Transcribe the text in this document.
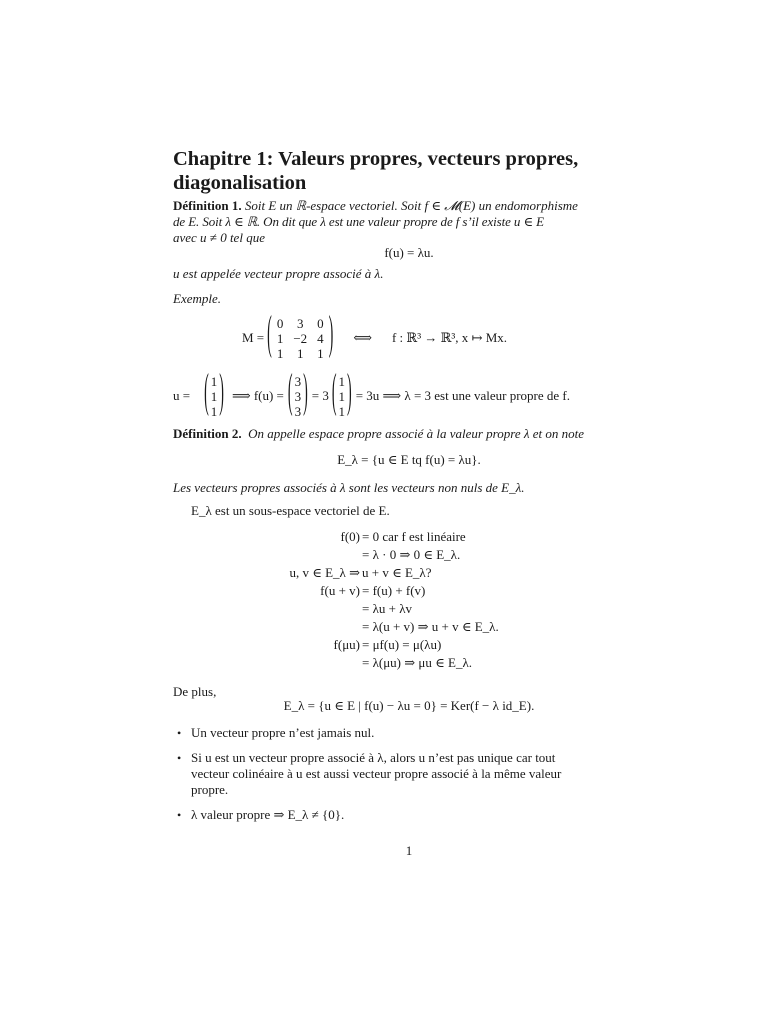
Chapitre 1: Valeurs propres, vecteurs propres,
diagonalisation
Définition 1. Soit E un ℝ-espace vectoriel. Soit f ∈ 𝓜(E) un endomorphisme
de E. Soit λ ∈ ℝ. On dit que λ est une valeur propre de f s’il existe u ∈ E
avec u ≠ 0 tel que
f(u) = λu.
u est appelée vecteur propre associé à λ.
Exemple.
M = ( 0	3	0
1	−2	4
1	1	1 ) ⟺ f : ℝ³ → ℝ³, x ↦ Mx.
u = ( 1
1
1 ) ⟹ f(u) = ( 3
3
3 ) = 3 ( 1
1
1 ) = 3u ⟹ λ = 3 est une valeur propre de f.
Définition 2. On appelle espace propre associé à la valeur propre λ et on note
E_λ = {u ∈ E tq f(u) = λu}.
Les vecteurs propres associés à λ sont les vecteurs non nuls de E_λ.
E_λ est un sous-espace vectoriel de E.
f(0)	= 0 car f est linéaire
	= λ · 0 ⇒ 0 ∈ E_λ.
u, v ∈ E_λ ⇒	u + v ∈ E_λ?
f(u + v)	= f(u) + f(v)
	= λu + λv
	= λ(u + v) ⇒ u + v ∈ E_λ.
f(μu)	= μf(u) = μ(λu)
	= λ(μu) ⇒ μu ∈ E_λ.
De plus,
E_λ = {u ∈ E | f(u) − λu = 0} = Ker(f − λ id_E).
• Un vecteur propre n’est jamais nul.
• Si u est un vecteur propre associé à λ, alors u n’est pas unique car tout
vecteur colinéaire à u est aussi vecteur propre associé à la même valeur
propre.
• λ valeur propre ⇒ E_λ ≠ {0}.
1
